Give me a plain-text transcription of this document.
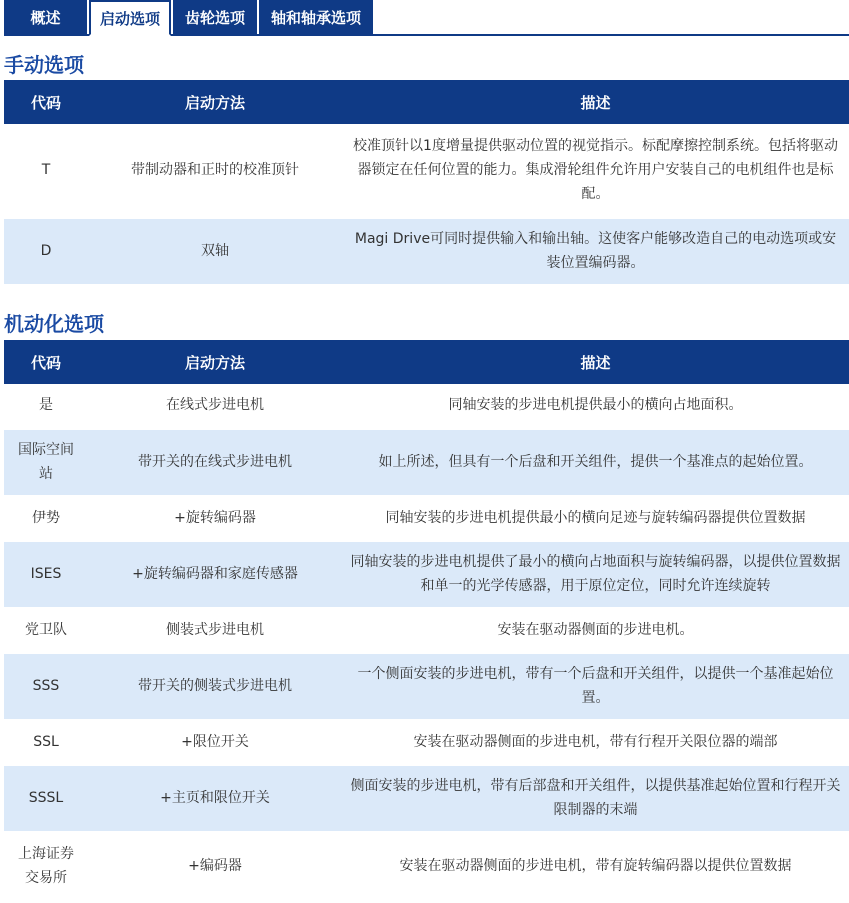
概述	启动选项	齿轮选项	轴和轴承选项
手动选项
代码	启动方法	描述
T	带制动器和正时的校准顶针	校准顶针以1度增量提供驱动位置的视觉指示。标配摩擦控制系统。包括将驱动器锁定在任何位置的能力。集成滑轮组件允许用户安装自己的电机组件也是标配。
D	双轴	Magi Drive可同时提供输入和输出轴。这使客户能够改造自己的电动选项或安装位置编码器。
机动化选项
代码	启动方法	描述
是	在线式步进电机	同轴安装的步进电机提供最小的横向占地面积。
国际空间站	带开关的在线式步进电机	如上所述，但具有一个后盘和开关组件，提供一个基准点的起始位置。
伊势	+旋转编码器	同轴安装的步进电机提供最小的横向足迹与旋转编码器提供位置数据
ISES	+旋转编码器和家庭传感器	同轴安装的步进电机提供了最小的横向占地面积与旋转编码器，以提供位置数据和单一的光学传感器，用于原位定位，同时允许连续旋转
党卫队	侧装式步进电机	安装在驱动器侧面的步进电机。
SSS	带开关的侧装式步进电机	一个侧面安装的步进电机，带有一个后盘和开关组件，以提供一个基准起始位置。
SSL	+限位开关	安装在驱动器侧面的步进电机，带有行程开关限位器的端部
SSSL	+主页和限位开关	侧面安装的步进电机，带有后部盘和开关组件，以提供基准起始位置和行程开关限制器的末端
上海证券交易所	+编码器	安装在驱动器侧面的步进电机，带有旋转编码器以提供位置数据
